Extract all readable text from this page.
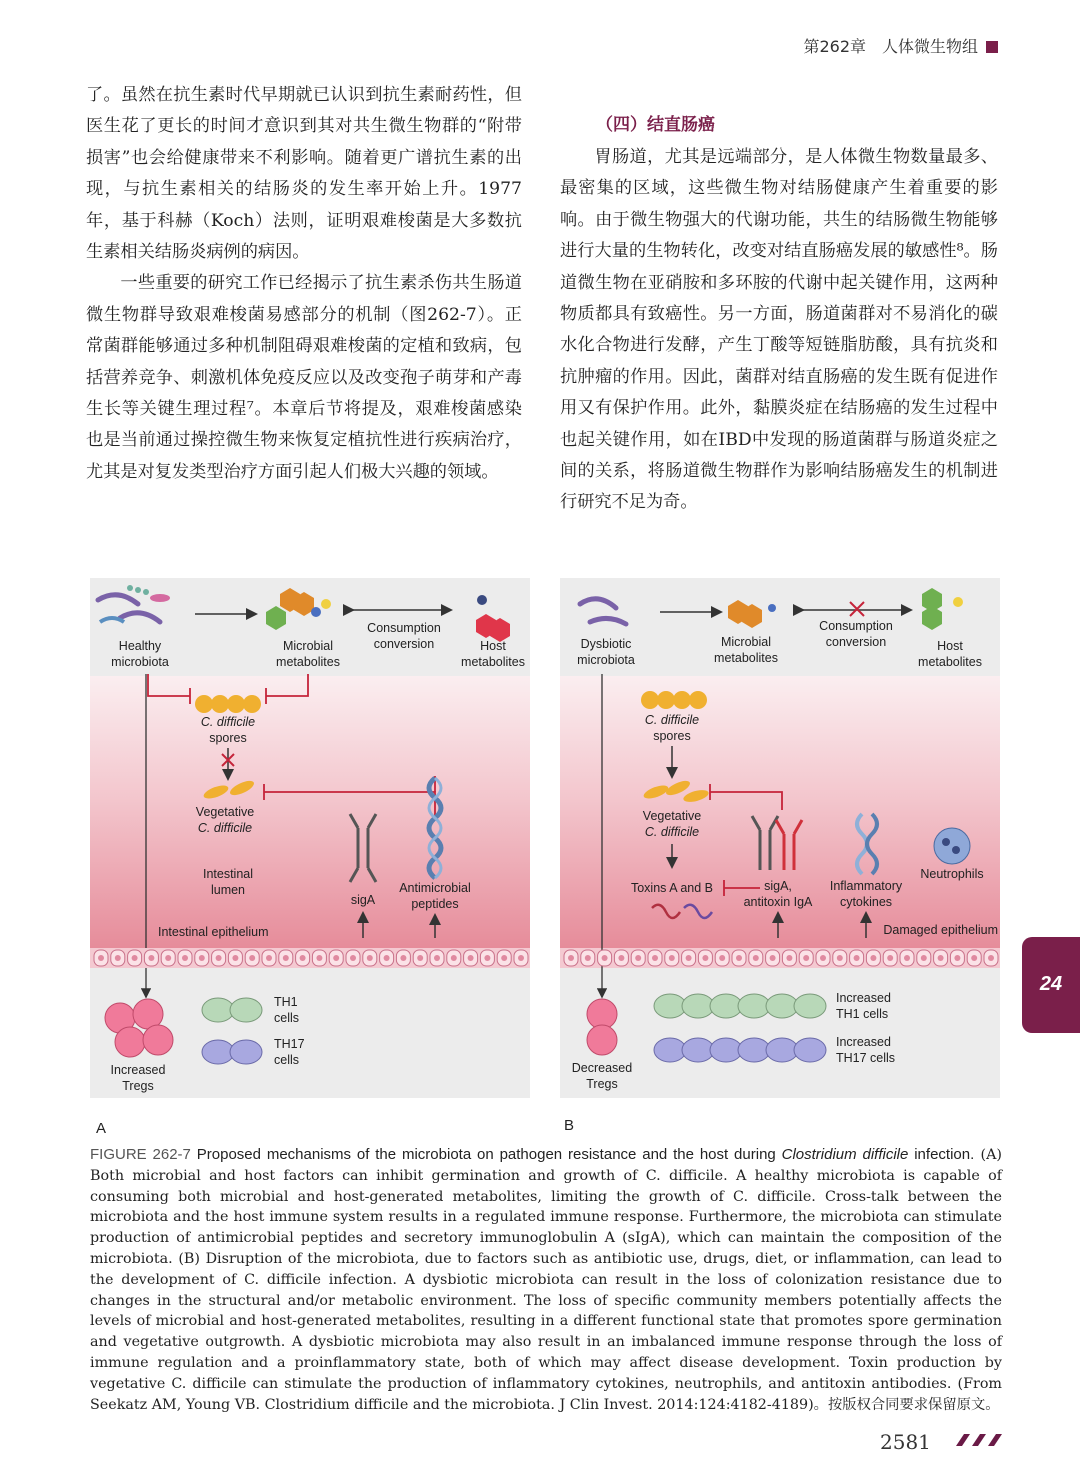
第262章　人体微生物组

了。虽然在抗生素时代早期就已认识到抗生素耐药性，但医生花了更长的时间才意识到其对共生微生物群的“附带损害”也会给健康带来不利影响。随着更广谱抗生素的出现，与抗生素相关的结肠炎的发生率开始上升。1977年，基于科赫（Koch）法则，证明艰难梭菌是大多数抗生素相关结肠炎病例的病因。

一些重要的研究工作已经揭示了抗生素杀伤共生肠道微生物群导致艰难梭菌易感部分的机制（图262-7）。正常菌群能够通过多种机制阻碍艰难梭菌的定植和致病，包括营养竞争、刺激机体免疫反应以及改变孢子萌芽和产毒生长等关键生理过程⁷。本章后节将提及，艰难梭菌感染也是当前通过操控微生物来恢复定植抗性进行疾病治疗，尤其是对复发类型治疗方面引起人们极大兴趣的领域。

（四）结直肠癌

胃肠道，尤其是远端部分，是人体微生物数量最多、最密集的区域，这些微生物对结肠健康产生着重要的影响。由于微生物强大的代谢功能，共生的结肠微生物能够进行大量的生物转化，改变对结直肠癌发展的敏感性⁸。肠道微生物在亚硝胺和多环胺的代谢中起关键作用，这两种物质都具有致癌性。另一方面，肠道菌群对不易消化的碳水化合物进行发酵，产生丁酸等短链脂肪酸，具有抗炎和抗肿瘤的作用。因此，菌群对结直肠癌的发生既有促进作用又有保护作用。此外，黏膜炎症在结肠癌的发生过程中也起关键作用，如在IBD中发现的肠道菌群与肠道炎症之间的关系，将肠道微生物群作为影响结肠癌发生的机制进行研究不足为奇。

Healthy
microbiota
Microbial
metabolites
Consumption
conversion	Host
metabolites
C. difficile
spores
Vegetative
C. difficile
Intestinal
lumen
sigA
Antimicrobial
peptides
Intestinal epithelium
TH1
cells
TH17
cells
Increased
Tregs
Dysbiotic
microbiota
Microbial
metabolites
Consumption
conversion	Host
metabolites
C. difficile
spores
Vegetative
C. difficile
Toxins A and B	sigA,
antitoxin IgA
Inflammatory
cytokines
Neutrophils
Damaged epithelium
Increased
TH1 cells
Increased
TH17 cells
Decreased
Tregs
A	B
FIGURE 262-7 Proposed mechanisms of the microbiota on pathogen resistance and the host during Clostridium difficile infection. (A) Both microbial and host factors can inhibit germination and growth of C. difficile. A healthy microbiota is capable of consuming both microbial and host-generated metabolites, limiting the growth of C. difficile. Cross-talk between the microbiota and the host immune system results in a regulated immune response. Furthermore, the microbiota can stimulate production of antimicrobial peptides and secretory immunoglobulin A (sIgA), which can maintain the composition of the microbiota. (B) Disruption of the microbiota, due to factors such as antibiotic use, drugs, diet, or inflammation, can lead to the development of C. difficile infection. A dysbiotic microbiota can result in the loss of colonization resistance due to changes in the structural and/or metabolic environment. The loss of specific community members potentially affects the levels of microbial and host-generated metabolites, resulting in a different functional state that promotes spore germination and vegetative outgrowth. A dysbiotic microbiota may also result in an imbalanced immune response through the loss of immune regulation and a proinflammatory state, both of which may affect disease development. Toxin production by vegetative C. difficile can stimulate the production of inflammatory cytokines, neutrophils, and antitoxin antibodies. (From Seekatz AM, Young VB. Clostridium difficile and the microbiota. J Clin Invest. 2014:124:4182-4189)。按版权合同要求保留原文。
2581
24
